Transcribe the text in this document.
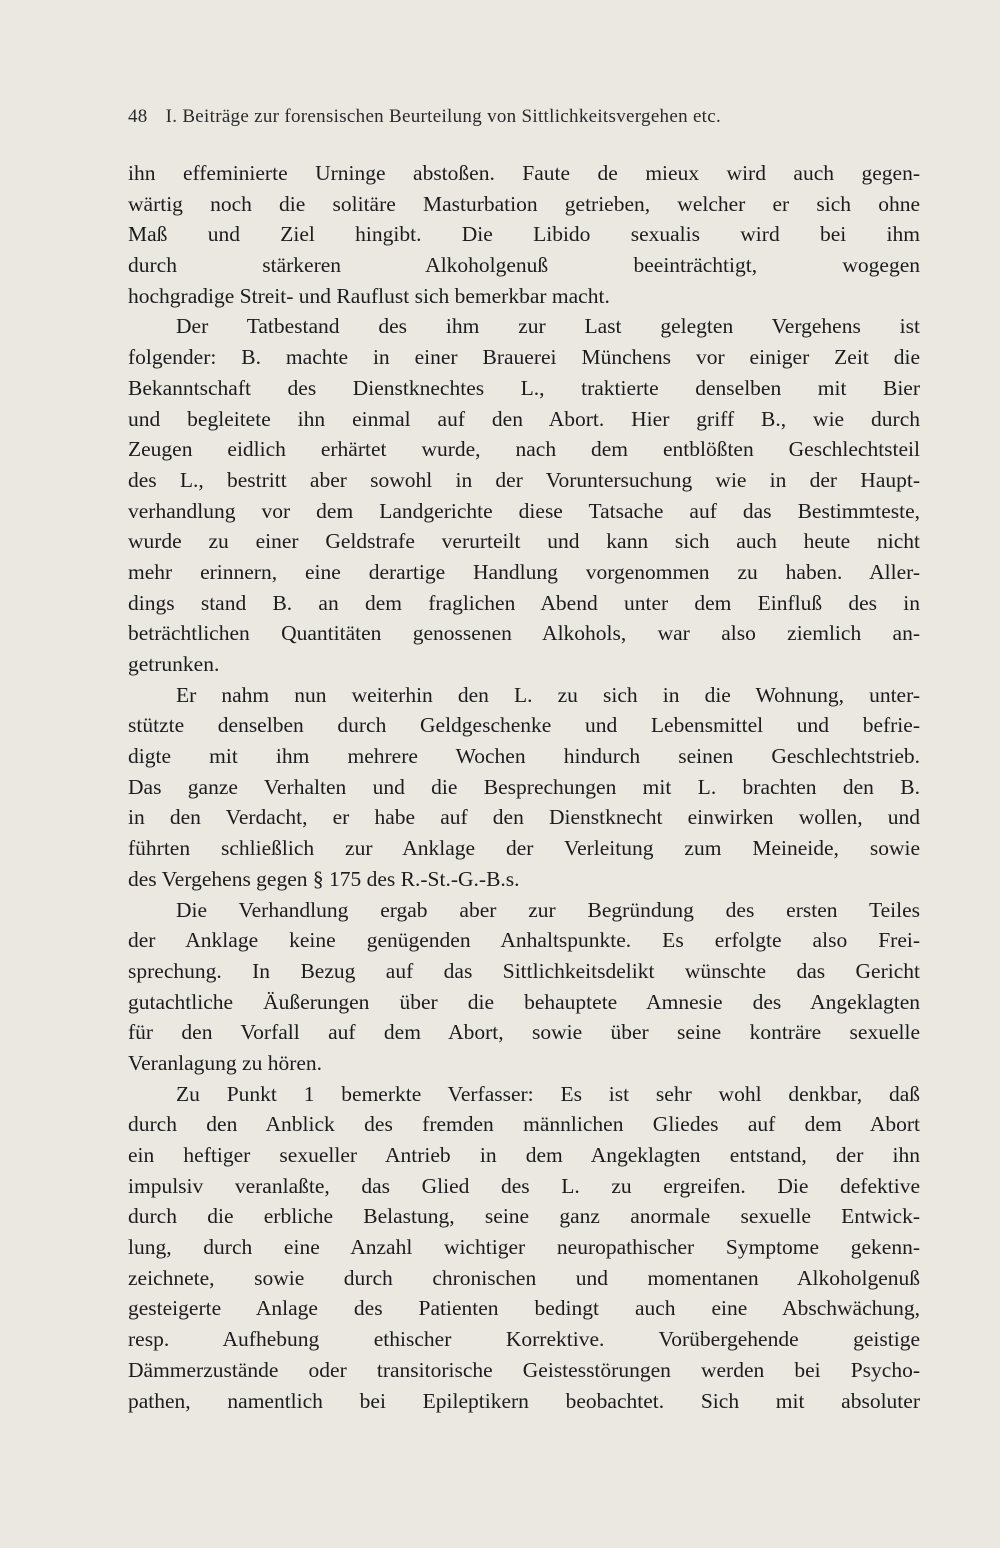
48 I. Beiträge zur forensischen Beurteilung von Sittlichkeitsvergehen etc.
ihn effeminierte Urninge abstoßen. Faute de mieux wird auch gegen-
wärtig noch die solitäre Masturbation getrieben, welcher er sich ohne
Maß und Ziel hingibt. Die Libido sexualis wird bei ihm
durch stärkeren Alkoholgenuß beeinträchtigt, wogegen
hochgradige Streit- und Rauflust sich bemerkbar macht.
Der Tatbestand des ihm zur Last gelegten Vergehens ist
folgender: B. machte in einer Brauerei Münchens vor einiger Zeit die
Bekanntschaft des Dienstknechtes L., traktierte denselben mit Bier
und begleitete ihn einmal auf den Abort. Hier griff B., wie durch
Zeugen eidlich erhärtet wurde, nach dem entblößten Geschlechtsteil
des L., bestritt aber sowohl in der Voruntersuchung wie in der Haupt-
verhandlung vor dem Landgerichte diese Tatsache auf das Bestimmteste,
wurde zu einer Geldstrafe verurteilt und kann sich auch heute nicht
mehr erinnern, eine derartige Handlung vorgenommen zu haben. Aller-
dings stand B. an dem fraglichen Abend unter dem Einfluß des in
beträchtlichen Quantitäten genossenen Alkohols, war also ziemlich an-
getrunken.
Er nahm nun weiterhin den L. zu sich in die Wohnung, unter-
stützte denselben durch Geldgeschenke und Lebensmittel und befrie-
digte mit ihm mehrere Wochen hindurch seinen Geschlechtstrieb.
Das ganze Verhalten und die Besprechungen mit L. brachten den B.
in den Verdacht, er habe auf den Dienstknecht einwirken wollen, und
führten schließlich zur Anklage der Verleitung zum Meineide, sowie
des Vergehens gegen § 175 des R.-St.-G.-B.s.
Die Verhandlung ergab aber zur Begründung des ersten Teiles
der Anklage keine genügenden Anhaltspunkte. Es erfolgte also Frei-
sprechung. In Bezug auf das Sittlichkeitsdelikt wünschte das Gericht
gutachtliche Äußerungen über die behauptete Amnesie des Angeklagten
für den Vorfall auf dem Abort, sowie über seine konträre sexuelle
Veranlagung zu hören.
Zu Punkt 1 bemerkte Verfasser: Es ist sehr wohl denkbar, daß
durch den Anblick des fremden männlichen Gliedes auf dem Abort
ein heftiger sexueller Antrieb in dem Angeklagten entstand, der ihn
impulsiv veranlaßte, das Glied des L. zu ergreifen. Die defektive
durch die erbliche Belastung, seine ganz anormale sexuelle Entwick-
lung, durch eine Anzahl wichtiger neuropathischer Symptome gekenn-
zeichnete, sowie durch chronischen und momentanen Alkoholgenuß
gesteigerte Anlage des Patienten bedingt auch eine Abschwächung,
resp. Aufhebung ethischer Korrektive. Vorübergehende geistige
Dämmerzustände oder transitorische Geistesstörungen werden bei Psycho-
pathen, namentlich bei Epileptikern beobachtet. Sich mit absoluter
